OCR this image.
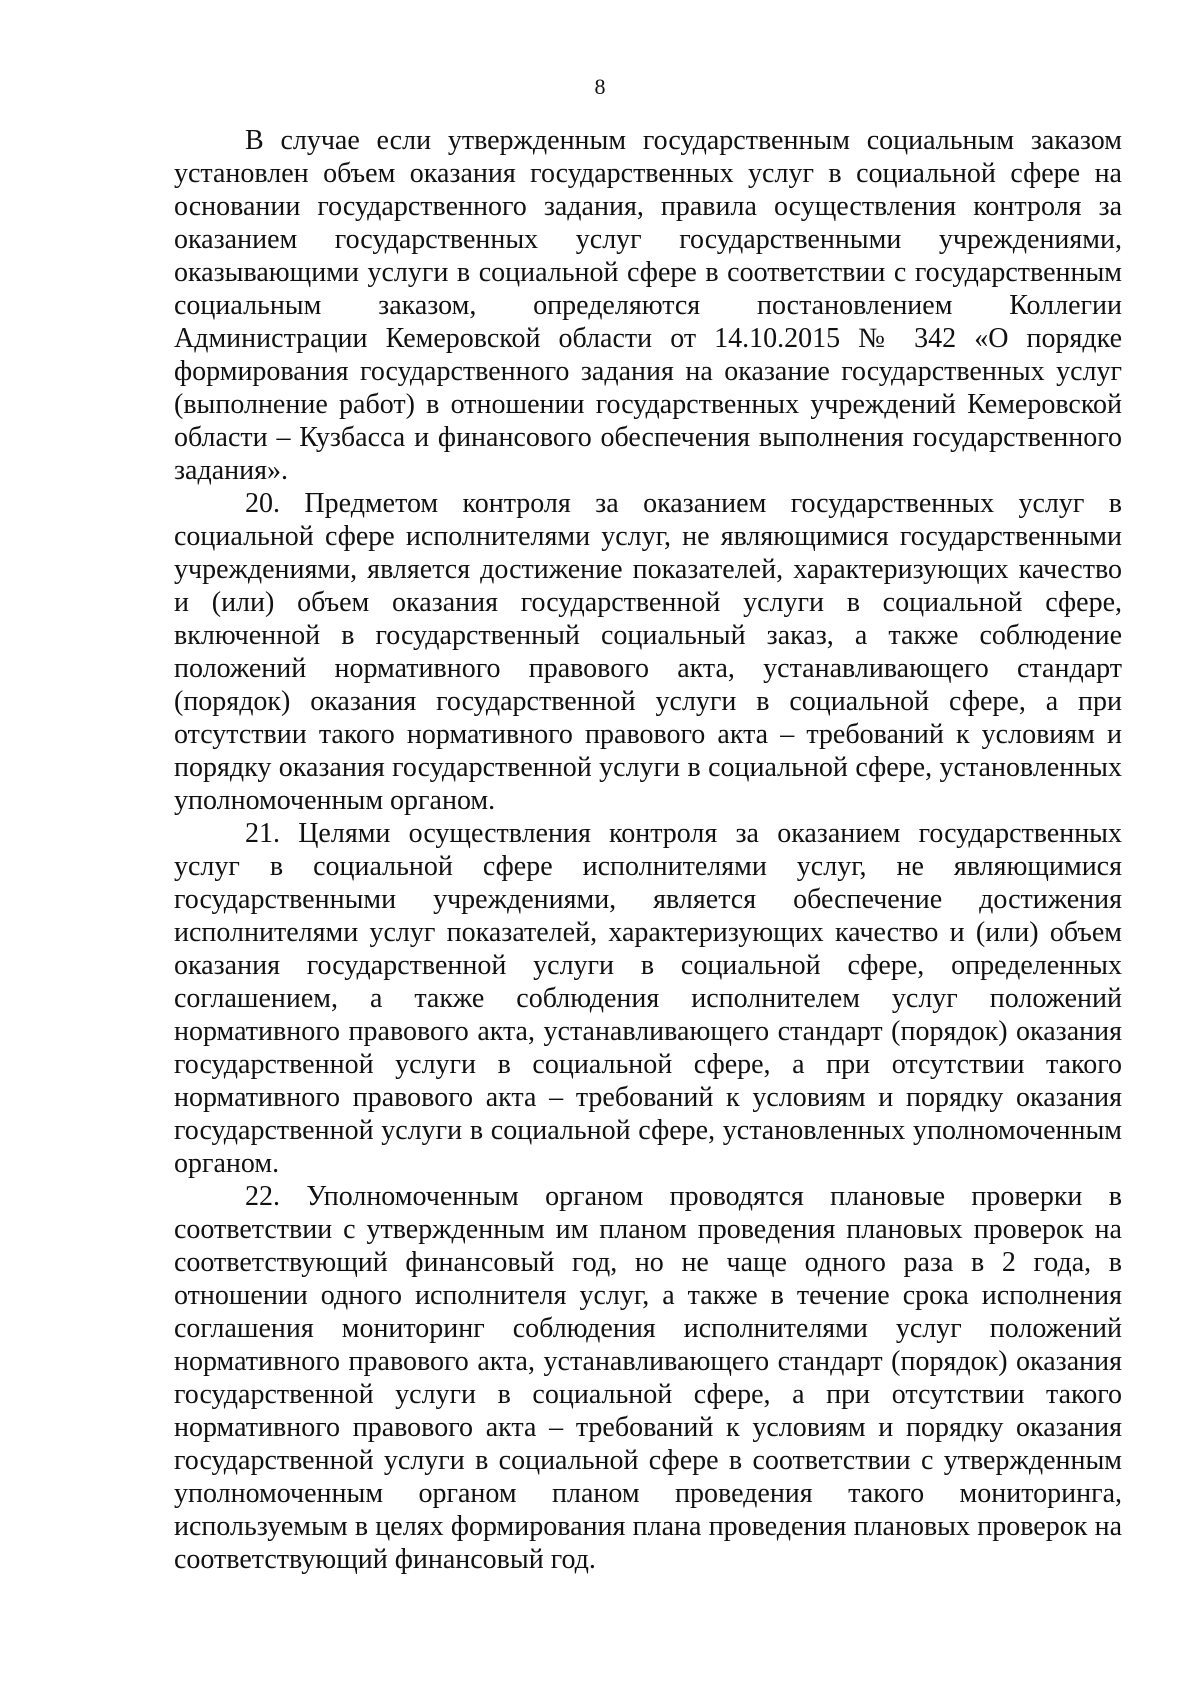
8

В случае если утвержденным государственным социальным заказом установлен объем оказания государственных услуг в социальной сфере на основании государственного задания, правила осуществления контроля за оказанием государственных услуг государственными учреждениями, оказывающими услуги в социальной сфере в соответствии с государственным социальным заказом, определяются постановлением Коллегии Администрации Кемеровской области от 14.10.2015 № 342 «О порядке формирования государственного задания на оказание государственных услуг (выполнение работ) в отношении государственных учреждений Кемеровской области – Кузбасса и финансового обеспечения выполнения государственного задания».

20. Предметом контроля за оказанием государственных услуг в социальной сфере исполнителями услуг, не являющимися государственными учреждениями, является достижение показателей, характеризующих качество и (или) объем оказания государственной услуги в социальной сфере, включенной в государственный социальный заказ, а также соблюдение положений нормативного правового акта, устанавливающего стандарт (порядок) оказания государственной услуги в социальной сфере, а при отсутствии такого нормативного правового акта – требований к условиям и порядку оказания государственной услуги в социальной сфере, установленных уполномоченным органом.

21. Целями осуществления контроля за оказанием государственных услуг в социальной сфере исполнителями услуг, не являющимися государственными учреждениями, является обеспечение достижения исполнителями услуг показателей, характеризующих качество и (или) объем оказания государственной услуги в социальной сфере, определенных соглашением, а также соблюдения исполнителем услуг положений нормативного правового акта, устанавливающего стандарт (порядок) оказания государственной услуги в социальной сфере, а при отсутствии такого нормативного правового акта – требований к условиям и порядку оказания государственной услуги в социальной сфере, установленных уполномоченным органом.

22. Уполномоченным органом проводятся плановые проверки в соответствии с утвержденным им планом проведения плановых проверок на соответствующий финансовый год, но не чаще одного раза в 2 года, в отношении одного исполнителя услуг, а также в течение срока исполнения соглашения мониторинг соблюдения исполнителями услуг положений нормативного правового акта, устанавливающего стандарт (порядок) оказания государственной услуги в социальной сфере, а при отсутствии такого нормативного правового акта – требований к условиям и порядку оказания государственной услуги в социальной сфере в соответствии с утвержденным уполномоченным органом планом проведения такого мониторинга, используемым в целях формирования плана проведения плановых проверок на соответствующий финансовый год.
